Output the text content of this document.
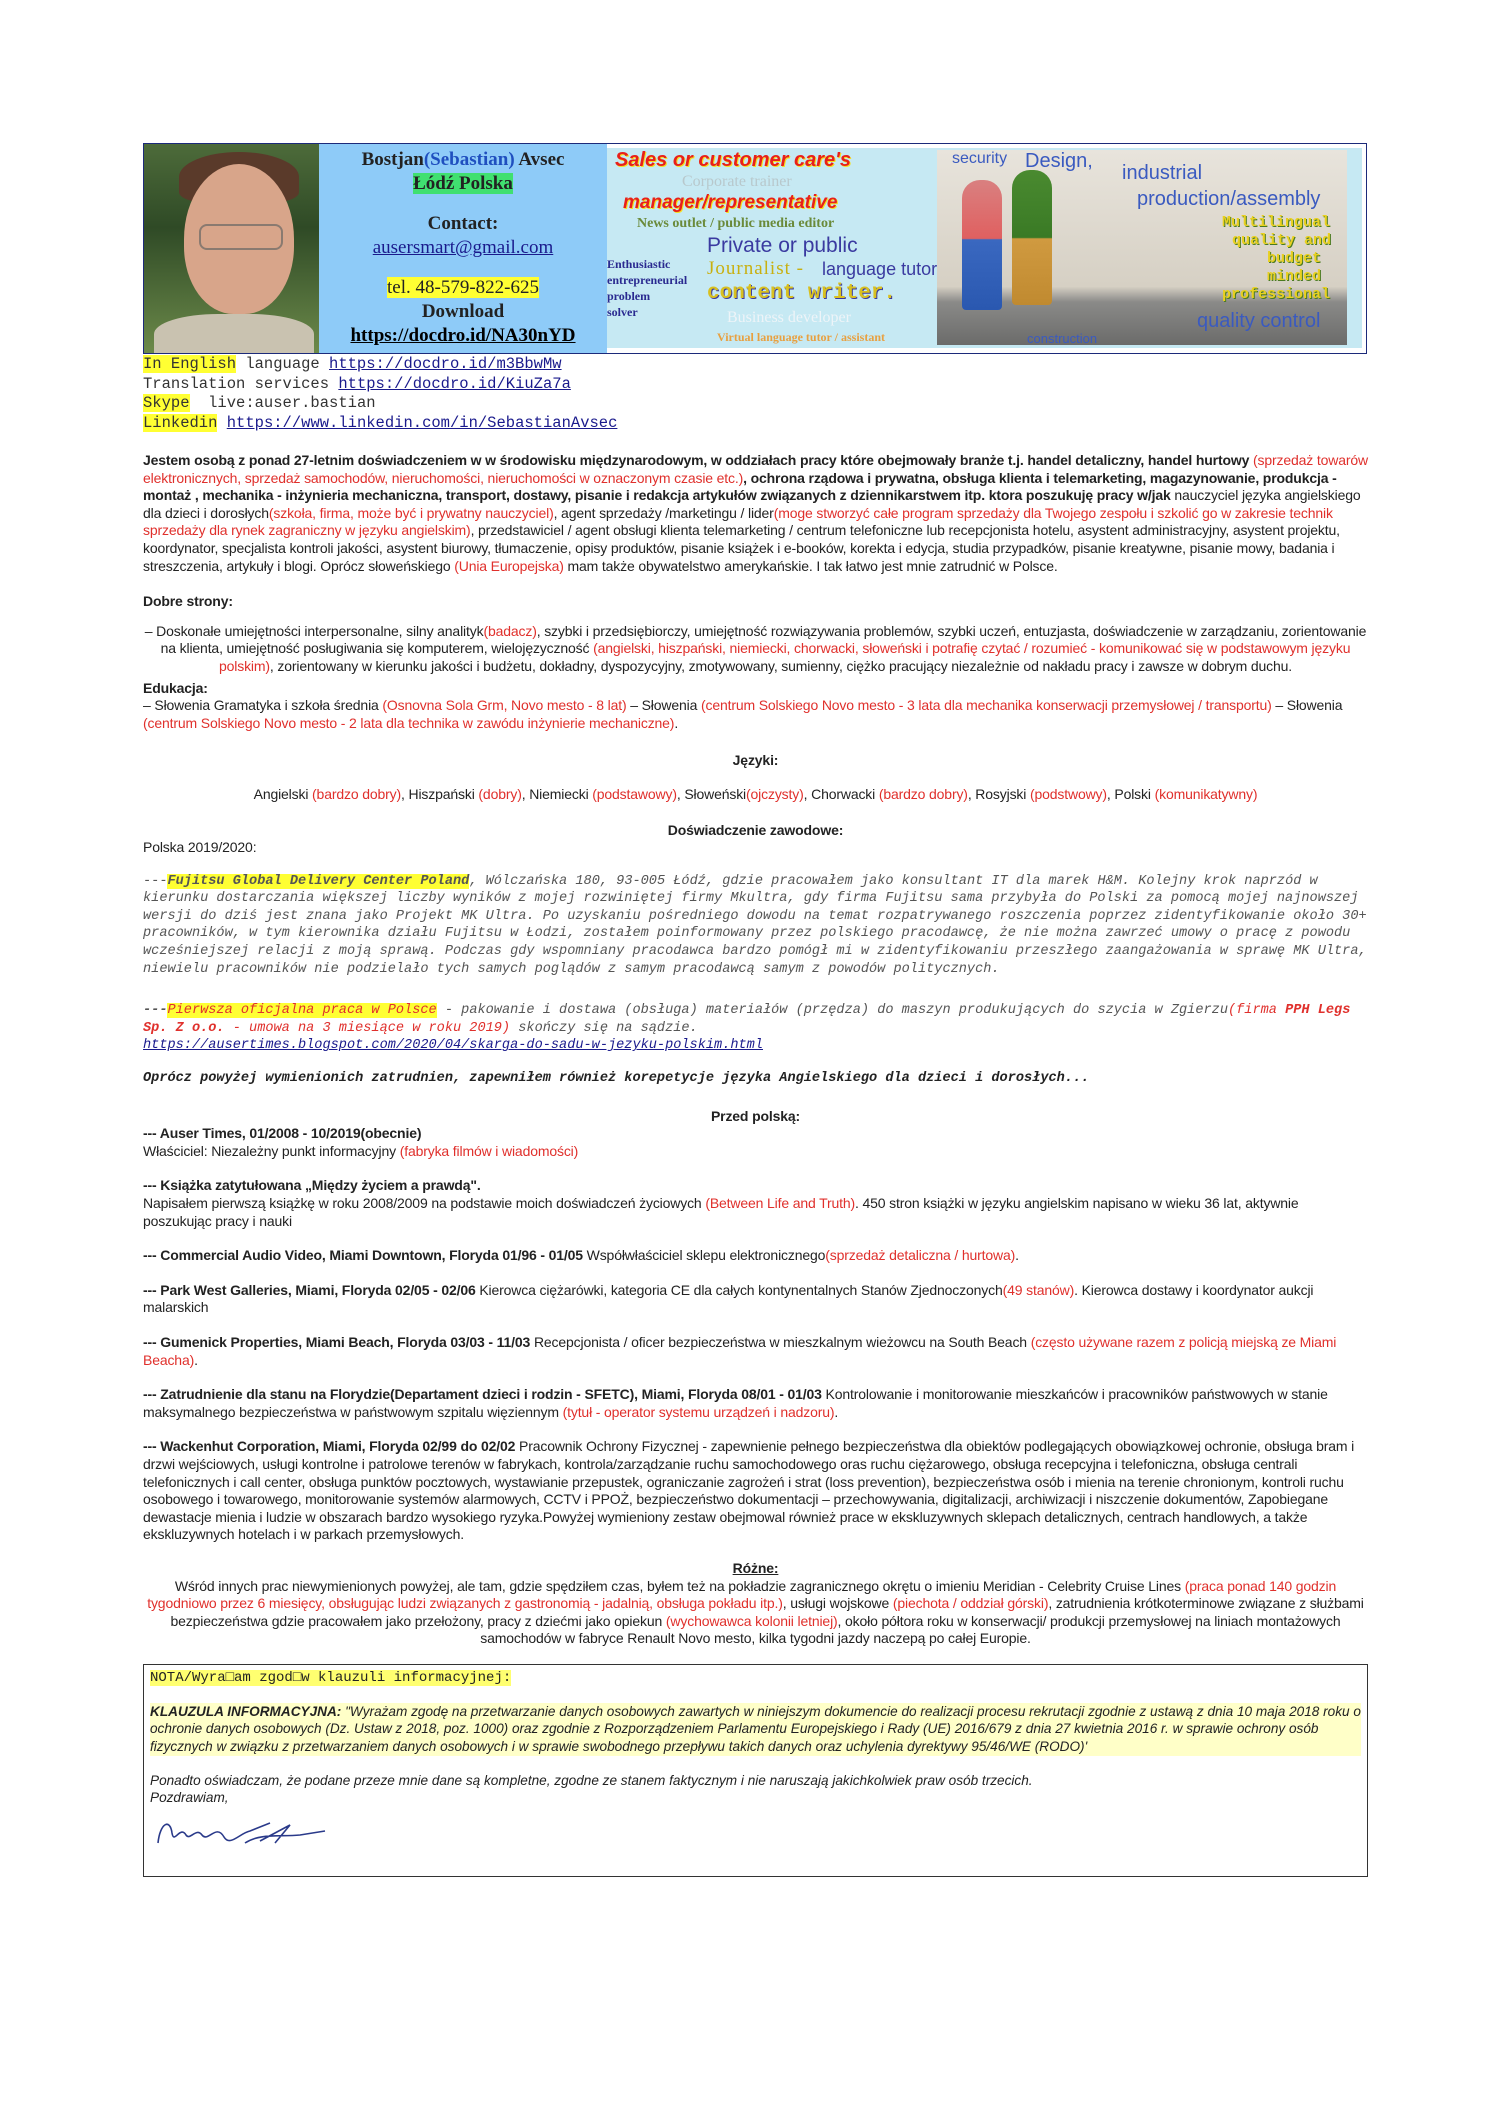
Bostjan(Sebastian) Avsec
Łódź Polska
Contact:
ausersmart@gmail.com
tel. 48-579-822-625
Download
https://docdro.id/NA30nYD
Sales or customer care's
Corporate trainer
manager/representative
News outlet / public media editor
Private or public
Journalist - language tutor
content writer.
Enthusiastic
entrepreneurial
problem
solver	Business developer
Virtual language tutor / assistant
security Design,
industrial
production/assembly
Multilingual
quality and
budget
minded
professional
quality control
construction
In English language https://docdro.id/m3BbwMw
Translation services https://docdro.id/KiuZa7a
Skype  live:auser.bastian
Linkedin https://www.linkedin.com/in/SebastianAvsec
Jestem osobą z ponad 27-letnim doświadczeniem w w środowisku międzynarodowym, w oddziałach pracy które obejmowały branże t.j. handel detaliczny, handel hurtowy (sprzedaż towarów elektronicznych, sprzedaż samochodów, nieruchomości, nieruchomości w oznaczonym czasie etc.), ochrona rządowa i prywatna, obsługa klienta i telemarketing, magazynowanie, produkcja - montaż , mechanika - inżynieria mechaniczna, transport, dostawy, pisanie i redakcja artykułów związanych z dziennikarstwem itp. ktora poszukuję pracy w/jak nauczyciel języka angielskiego dla dzieci i dorosłych(szkoła, firma, może być i prywatny nauczyciel), agent sprzedaży /marketingu / lider(moge stworzyć całe program sprzedaży dla Twojego zespołu i szkolić go w zakresie technik sprzedaży dla rynek zagraniczny w języku angielskim), przedstawiciel / agent obsługi klienta telemarketing / centrum telefoniczne lub recepcjonista hotelu, asystent administracyjny, asystent projektu, koordynator, specjalista kontroli jakości, asystent biurowy, tłumaczenie, opisy produktów, pisanie książek i e-booków, korekta i edycja, studia przypadków, pisanie kreatywne, pisanie mowy, badania i streszczenia, artykuły i blogi. Oprócz słoweńskiego (Unia Europejska) mam także obywatelstwo amerykańskie. I tak łatwo jest mnie zatrudnić w Polsce.
Dobre strony:
– Doskonałe umiejętności interpersonalne, silny analityk(badacz), szybki i przedsiębiorczy, umiejętność rozwiązywania problemów, szybki uczeń, entuzjasta, doświadczenie w zarządzaniu, zorientowanie na klienta, umiejętność posługiwania się komputerem, wielojęzyczność (angielski, hiszpański, niemiecki, chorwacki, słoweński i potrafię czytać / rozumieć - komunikować się w podstawowym języku polskim), zorientowany w kierunku jakości i budżetu, dokładny, dyspozycyjny, zmotywowany, sumienny, ciężko pracujący niezależnie od nakładu pracy i zawsze w dobrym duchu.
Edukacja:
– Słowenia Gramatyka i szkoła średnia (Osnovna Sola Grm, Novo mesto - 8 lat) – Słowenia (centrum Solskiego Novo mesto - 3 lata dla mechanika konserwacji przemysłowej / transportu) – Słowenia (centrum Solskiego Novo mesto - 2 lata dla technika w zawódu inżynierie mechaniczne).
Języki:
Angielski (bardzo dobry), Hiszpański (dobry), Niemiecki (podstawowy), Słoweński(ojczysty), Chorwacki (bardzo dobry), Rosyjski (podstwowy), Polski (komunikatywny)
Doświadczenie zawodowe:
Polska 2019/2020:
---Fujitsu Global Delivery Center Poland, Wólczańska 180, 93-005 Łódź, gdzie pracowałem jako konsultant IT dla marek H&M. Kolejny krok naprzód w kierunku dostarczania większej liczby wyników z mojej rozwiniętej firmy Mkultra, gdy firma Fujitsu sama przybyła do Polski za pomocą mojej najnowszej wersji do dziś jest znana jako Projekt MK Ultra. Po uzyskaniu pośredniego dowodu na temat rozpatrywanego roszczenia poprzez zidentyfikowanie około 30+ pracowników, w tym kierownika działu Fujitsu w Łodzi, zostałem poinformowany przez polskiego pracodawcę, że nie można zawrzeć umowy o pracę z powodu wcześniejszej relacji z moją sprawą. Podczas gdy wspomniany pracodawca bardzo pomógł mi w zidentyfikowaniu przeszłego zaangażowania w sprawę MK Ultra, niewielu pracowników nie podzielało tych samych poglądów z samym pracodawcą samym z powodów politycznych.
---Pierwsza oficjalna praca w Polsce - pakowanie i dostawa (obsługa) materiałów (przędza) do maszyn produkujących do szycia w Zgierzu(firma PPH Legs Sp. Z o.o. - umowa na 3 miesiące w roku 2019) skończy się na sądzie.
https://ausertimes.blogspot.com/2020/04/skarga-do-sadu-w-jezyku-polskim.html
Oprócz powyżej wymienionich zatrudnien, zapewniłem również korepetycje języka Angielskiego dla dzieci i dorosłych...
Przed polską:
--- Auser Times, 01/2008 - 10/2019(obecnie)
Właściciel: Niezależny punkt informacyjny (fabryka filmów i wiadomości)
--- Książka zatytułowana „Między życiem a prawdą".
Napisałem pierwszą książkę w roku 2008/2009 na podstawie moich doświadczeń życiowych (Between Life and Truth). 450 stron książki w języku angielskim napisano w wieku 36 lat, aktywnie poszukując pracy i nauki
--- Commercial Audio Video, Miami Downtown, Floryda 01/96 - 01/05 Współwłaściciel sklepu elektronicznego(sprzedaż detaliczna / hurtowa).
--- Park West Galleries, Miami, Floryda 02/05 - 02/06 Kierowca ciężarówki, kategoria CE dla całych kontynentalnych Stanów Zjednoczonych(49 stanów). Kierowca dostawy i koordynator aukcji malarskich
--- Gumenick Properties, Miami Beach, Floryda 03/03 - 11/03 Recepcjonista / oficer bezpieczeństwa w mieszkalnym wieżowcu na South Beach (często używane razem z policją miejską ze Miami Beacha).
--- Zatrudnienie dla stanu na Florydzie(Departament dzieci i rodzin - SFETC), Miami, Floryda 08/01 - 01/03 Kontrolowanie i monitorowanie mieszkańców i pracowników państwowych w stanie maksymalnego bezpieczeństwa w państwowym szpitalu więziennym (tytuł - operator systemu urządzeń i nadzoru).
--- Wackenhut Corporation, Miami, Floryda 02/99 do 02/02 Pracownik Ochrony Fizycznej - zapewnienie pełnego bezpieczeństwa dla obiektów podlegających obowiązkowej ochronie, obsługa bram i drzwi wejściowych, usługi kontrolne i patrolowe terenów w fabrykach, kontrola/zarządzanie ruchu samochodowego oras ruchu ciężarowego, obsługa recepcyjna i telefoniczna, obsługa centrali telefonicznych i call center, obsługa punktów pocztowych, wystawianie przepustek, ograniczanie zagrożeń i strat (loss prevention), bezpieczeństwa osób i mienia na terenie chronionym, kontroli ruchu osobowego i towarowego, monitorowanie systemów alarmowych, CCTV i PPOŻ, bezpieczeństwo dokumentacji – przechowywania, digitalizacji, archiwizacji i niszczenie dokumentów, Zapobiegane dewastacje mienia i ludzie w obszarach bardzo wysokiego ryzyka.Powyżej wymieniony zestaw obejmowal również prace w ekskluzywnych sklepach detalicznych, centrach handlowych, a także ekskluzywnych hotelach i w parkach przemysłowych.
Różne:
Wśród innych prac niewymienionych powyżej, ale tam, gdzie spędziłem czas, byłem też na pokładzie zagranicznego okrętu o imieniu Meridian - Celebrity Cruise Lines (praca ponad 140 godzin tygodniowo przez 6 miesięcy, obsługując ludzi związanych z gastronomią - jadalnią, obsługa pokładu itp.), usługi wojskowe (piechota / oddział górski), zatrudnienia krótkoterminowe związane z służbami bezpieczeństwa gdzie pracowałem jako przełożony, pracy z dziećmi jako opiekun (wychowawca kolonii letniej), około półtora roku w konserwacji/ produkcji przemysłowej na liniach montażowych samochodów w fabryce Renault Novo mesto, kilka tygodni jazdy naczepą po całej Europie.
NOTA/Wyra□am zgod□w klauzuli informacyjnej:
KLAUZULA INFORMACYJNA: "Wyrażam zgodę na przetwarzanie danych osobowych zawartych w niniejszym dokumencie do realizacji procesu rekrutacji zgodnie z ustawą z dnia 10 maja 2018 roku o ochronie danych osobowych (Dz. Ustaw z 2018, poz. 1000) oraz zgodnie z Rozporządzeniem Parlamentu Europejskiego i Rady (UE) 2016/679 z dnia 27 kwietnia 2016 r. w sprawie ochrony osób fizycznych w związku z przetwarzaniem danych osobowych i w sprawie swobodnego przepływu takich danych oraz uchylenia dyrektywy 95/46/WE (RODO)'
Ponadto oświadczam, że podane przeze mnie dane są kompletne, zgodne ze stanem faktycznym i nie naruszają jakichkolwiek praw osób trzecich.
Pozdrawiam,
